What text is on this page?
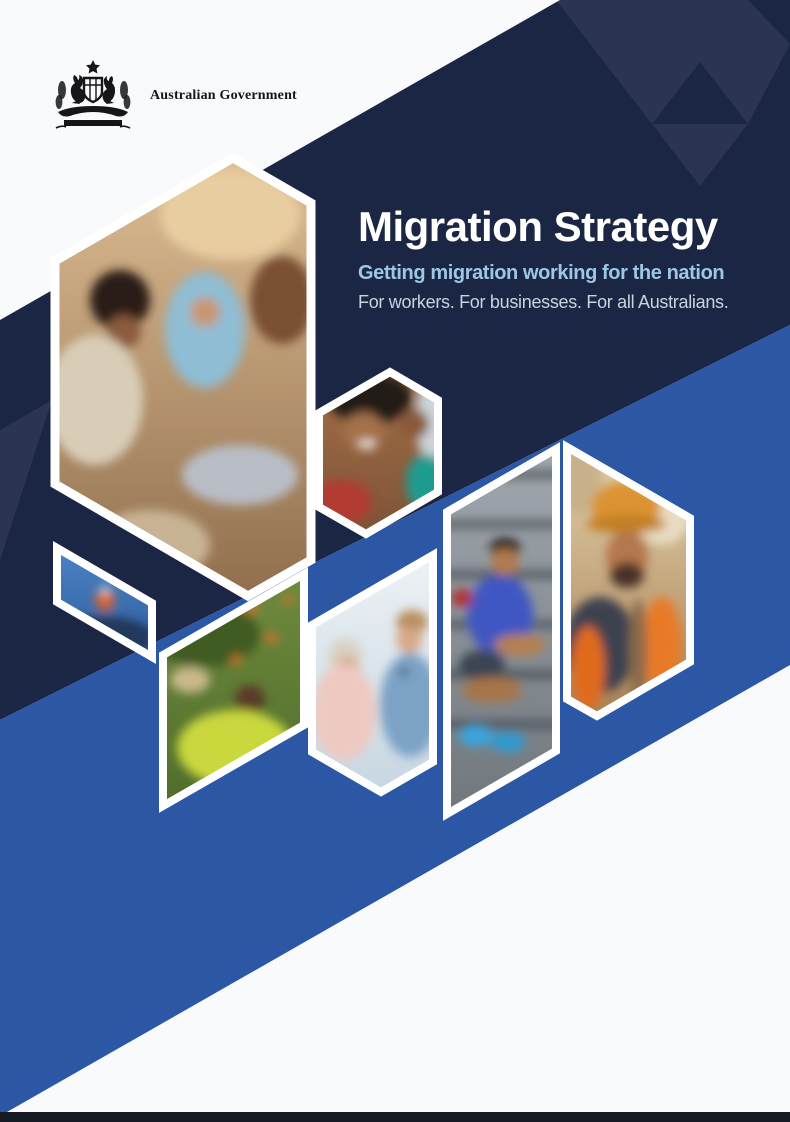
Australian Government
Migration Strategy

Getting migration working for the nation

For workers. For businesses. For all Australians.
